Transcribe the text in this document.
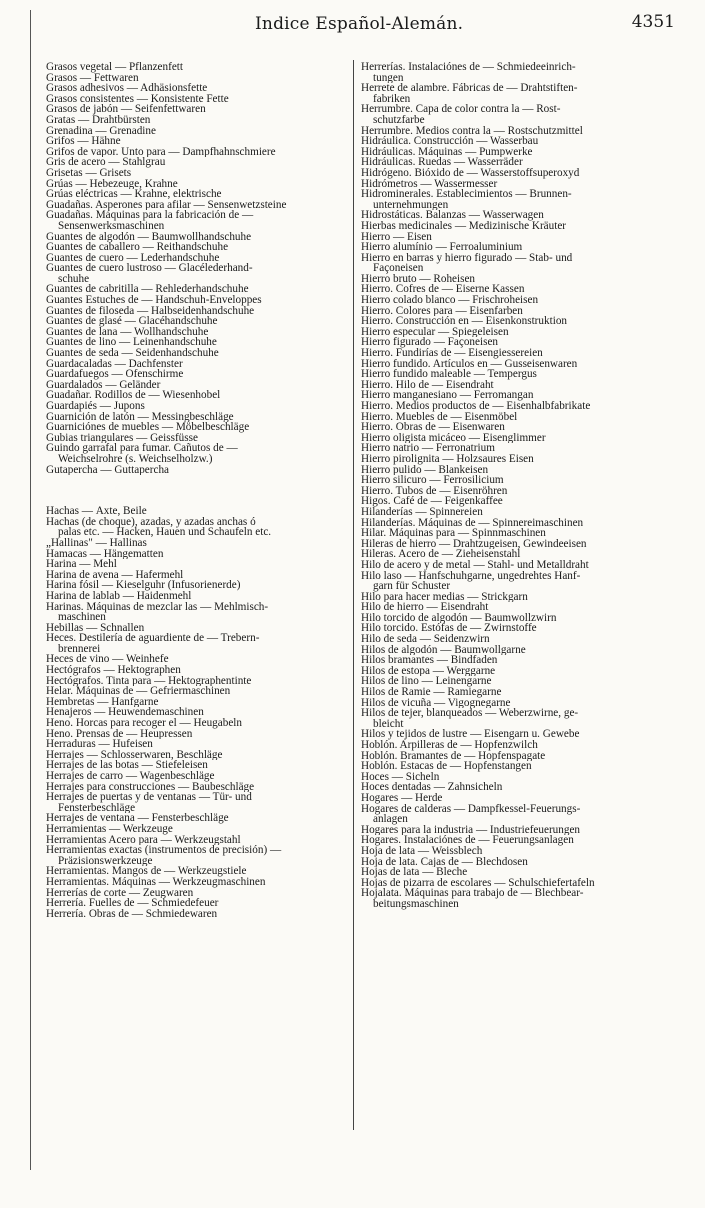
Indice Español-Alemán.	4351
Grasos vegetal — Pflanzenfett
Grasos — Fettwaren
Grasos adhesivos — Adhäsionsfette
Grasos consistentes — Konsistente Fette
Grasos de jabón — Seifenfettwaren
Gratas — Drahtbürsten
Grenadina — Grenadine
Grifos — Hähne
Grifos de vapor. Unto para — Dampfhahnschmiere
Gris de acero — Stahlgrau
Grisetas — Grisets
Grúas — Hebezeuge, Krahne
Grúas eléctricas — Krahne, elektrische
Guadañas. Asperones para afilar — Sensenwetzsteine
Guadañas. Máquinas para la fabricación de —
Sensenwerksmaschinen
Guantes de algodón — Baumwollhandschuhe
Guantes de caballero — Reithandschuhe
Guantes de cuero — Lederhandschuhe
Guantes de cuero lustroso — Glacélederhand-
schuhe
Guantes de cabritilla — Rehlederhandschuhe
Guantes Estuches de — Handschuh-Enveloppes
Guantes de filoseda — Halbseidenhandschuhe
Guantes de glasé — Glacéhandschuhe
Guantes de lana — Wollhandschuhe
Guantes de lino — Leinenhandschuhe
Guantes de seda — Seidenhandschuhe
Guardacaladas — Dachfenster
Guardafuegos — Ofenschirme
Guardalados — Geländer
Guadañar. Rodillos de — Wiesenhobel
Guardapiés — Jupons
Guarnición de latón — Messingbeschläge
Guarniciónes de muebles — Möbelbeschläge
Gubias triangulares — Geissfüsse
Guindo garrafal para fumar. Cañutos de —
Weichselrohre (s. Weichselholzw.)
Gutapercha — Guttapercha
Hachas — Äxte, Beile
Hachas (de choque), azadas, y azadas anchas ó
palas etc. — Hacken, Hauen und Schaufeln etc.
„Hallinas" — Hallinas
Hamacas — Hängematten
Harina — Mehl
Harina de avena — Hafermehl
Harina fósil — Kieselguhr (Infusorienerde)
Harina de lablab — Haidenmehl
Harinas. Máquinas de mezclar las — Mehlmisch-
maschinen
Hebillas — Schnallen
Heces. Destilería de aguardiente de — Trebern-
brennerei
Heces de vino — Weinhefe
Hectógrafos — Hektographen
Hectógrafos. Tinta para — Hektographentinte
Helar. Máquinas de — Gefriermaschinen
Hembretas — Hanfgarne
Henajeros — Heuwendemaschinen
Heno. Horcas para recoger el — Heugabeln
Heno. Prensas de — Heupressen
Herraduras — Hufeisen
Herrajes — Schlosserwaren, Beschläge
Herrajes de las botas — Stiefeleisen
Herrajes de carro — Wagenbeschläge
Herrajes para construcciones — Baubeschläge
Herrajes de puertas y de ventanas — Tür- und
Fensterbeschläge
Herrajes de ventana — Fensterbeschläge
Herramientas — Werkzeuge
Herramientas Acero para — Werkzeugstahl
Herramientas exactas (instrumentos de precisión) —
Präzisionswerkzeuge
Herramientas. Mangos de — Werkzeugstiele
Herramientas. Máquinas — Werkzeugmaschinen
Herrerías de corte — Zeugwaren
Herrería. Fuelles de — Schmiedefeuer
Herrería. Obras de — Schmiedewaren
Herrerías. Instalaciónes de — Schmiedeeinrich-
tungen
Herrete de alambre. Fábricas de — Drahtstiften-
fabriken
Herrumbre. Capa de color contra la — Rost-
schutzfarbe
Herrumbre. Medios contra la — Rostschutzmittel
Hidráulica. Construcción — Wasserbau
Hidráulicas. Máquinas — Pumpwerke
Hidráulicas. Ruedas — Wasserräder
Hidrógeno. Bióxido de — Wasserstoffsuperoxyd
Hidrómetros — Wassermesser
Hidrominerales. Establecimientos — Brunnen-
unternehmungen
Hidrostáticas. Balanzas — Wasserwagen
Hierbas medicinales — Medizinische Kräuter
Hierro — Eisen
Hierro alumínio — Ferroaluminium
Hierro en barras y hierro figurado — Stab- und
Façoneisen
Hierro bruto — Roheisen
Hierro. Cofres de — Eiserne Kassen
Hierro colado blanco — Frischroheisen
Hierro. Colores para — Eisenfarben
Hierro. Construcción en — Eisenkonstruktion
Hierro especular — Spiegeleisen
Hierro figurado — Façoneisen
Hierro. Fundirías de — Eisengiessereien
Hierro fundido. Artículos en — Gusseisenwaren
Hierro fundido maleable — Tempergus
Hierro. Hilo de — Eisendraht
Hierro manganesiano — Ferromangan
Hierro. Medios productos de — Eisenhalbfabrikate
Hierro. Muebles de — Eisenmöbel
Hierro. Obras de — Eisenwaren
Hierro oligista micáceo — Eisenglimmer
Hierro natrio — Ferronatrium
Hierro pirolignita — Holzsaures Eisen
Hierro pulido — Blankeisen
Hierro silicuro — Ferrosilicium
Hierro. Tubos de — Eisenröhren
Higos. Café de — Feigenkaffee
Hilanderías — Spinnereien
Hilanderías. Máquinas de — Spinnereimaschinen
Hilar. Máquinas para — Spinnmaschinen
Hileras de hierro — Drahtzugeisen, Gewindeeisen
Hileras. Acero de — Zieheisenstahl
Hilo de acero y de metal — Stahl- und Metalldraht
Hilo laso — Hanfschuhgarne, ungedrehtes Hanf-
garn für Schuster
Hilo para hacer medias — Strickgarn
Hilo de hierro — Eisendraht
Hilo torcido de algodón — Baumwollzwirn
Hilo torcido. Estófas de — Zwirnstoffe
Hilo de seda — Seidenzwirn
Hilos de algodón — Baumwollgarne
Hilos bramantes — Bindfaden
Hilos de estopa — Werggarne
Hilos de lino — Leinengarne
Hilos de Ramie — Ramiegarne
Hilos de vicuña — Vigognegarne
Hilos de tejer, blanqueados — Weberzwirne, ge-
bleicht
Hilos y tejidos de lustre — Eisengarn u. Gewebe
Hoblón. Arpilleras de — Hopfenzwilch
Hoblón. Bramantes de — Hopfenspagate
Hoblón. Estacas de — Hopfenstangen
Hoces — Sicheln
Hoces dentadas — Zahnsicheln
Hogares — Herde
Hogares de calderas — Dampfkessel-Feuerungs-
anlagen
Hogares para la industria — Industriefeuerungen
Hogares. Instalaciónes de — Feuerungsanlagen
Hoja de lata — Weissblech
Hoja de lata. Cajas de — Blechdosen
Hojas de lata — Bleche
Hojas de pizarra de escolares — Schulschiefertafeln
Hojalata. Máquinas para trabajo de — Blechbear-
beitungsmaschinen
